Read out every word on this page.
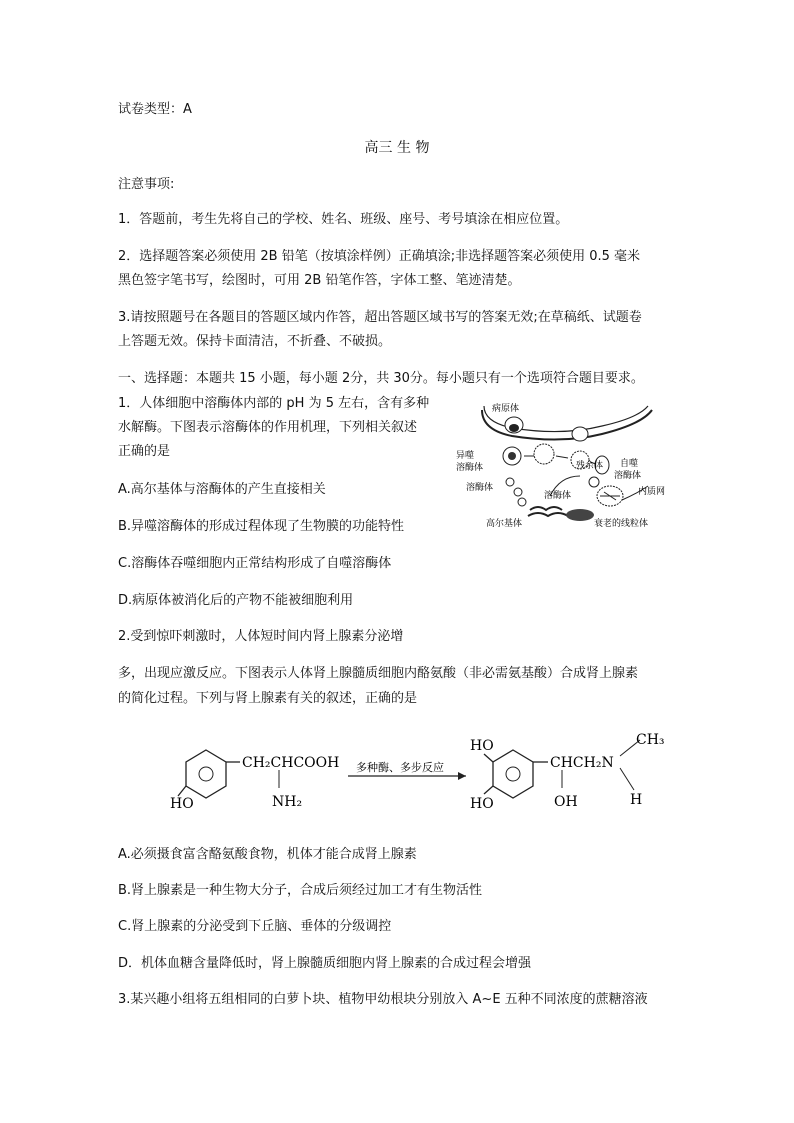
试卷类型：A
高三 生 物
注意事项:
1．答题前，考生先将自己的学校、姓名、班级、座号、考号填涂在相应位置。
2．选择题答案必须使用 2B 铅笔（按填涂样例）正确填涂;非选择题答案必须使用 0.5 毫米
黑色签字笔书写，绘图时，可用 2B 铅笔作答，字体工整、笔迹清楚。
3.请按照题号在各题目的答题区域内作答，超出答题区域书写的答案无效;在草稿纸、试题卷
上答题无效。保持卡面清洁，不折叠、不破损。
一、选择题：本题共 15 小题，每小题 2分，共 30分。每小题只有一个选项符合题目要求。
1．人体细胞中溶酶体内部的 pH 为 5 左右，含有多种
水解酶。下图表示溶酶体的作用机理，下列相关叙述
正确的是
A.高尔基体与溶酶体的产生直接相关
B.异噬溶酶体的形成过程体现了生物膜的功能特性
C.溶酶体吞噬细胞内正常结构形成了自噬溶酶体
D.病原体被消化后的产物不能被细胞利用
病原体
异噬
溶酶体	残余体 自噬
溶酶体
内质网
溶酶体
溶酶体
高尔基体	衰老的线粒体
2.受到惊吓刺激时，人体短时间内肾上腺素分泌增
多，出现应激反应。下图表示人体肾上腺髓质细胞内酪氨酸（非必需氨基酸）合成肾上腺素
的简化过程。下列与肾上腺素有关的叙述，正确的是
CH₂CHCOOH
NH₂
HO
多种酶、多步反应
HO
HO
CHCH₂N
OH
CH₃
H
A.必须摄食富含酪氨酸食物，机体才能合成肾上腺素
B.肾上腺素是一种生物大分子，合成后须经过加工才有生物活性
C.肾上腺素的分泌受到下丘脑、垂体的分级调控
D．机体血糖含量降低时，肾上腺髓质细胞内肾上腺素的合成过程会增强
3.某兴趣小组将五组相同的白萝卜块、植物甲幼根块分别放入 A~E 五种不同浓度的蔗糖溶液
